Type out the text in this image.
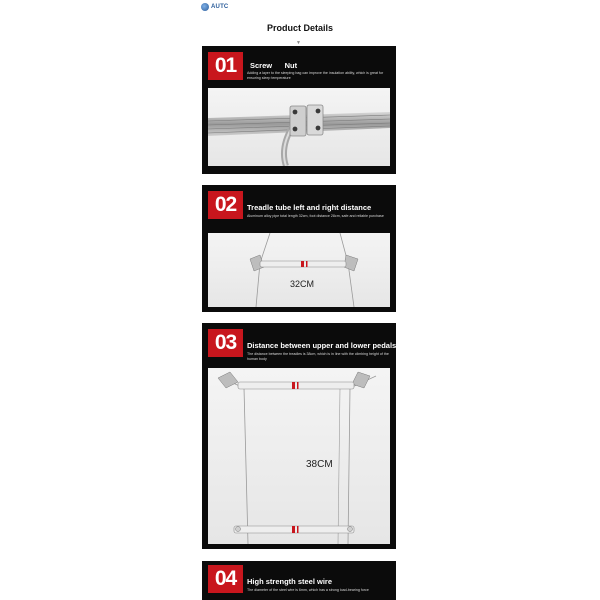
AUTC
Product Details
▼
01	Screw      Nut
Adding a layer to the sleeping bag can improve the insulation ability, which is great for ensuring sleep temperature
02	Treadle tube left and right distance
Aluminum alloy pipe total length 32cm, foot distance 28cm, safe and reliable purchase
32CM
03	Distance between upper and lower pedals
The distance between the treadles is 38cm, which is in line with the climbing height of the human body
38CM
04	High strength steel wire
The diameter of the steel wire is 6mm, which has a strong load-bearing force
